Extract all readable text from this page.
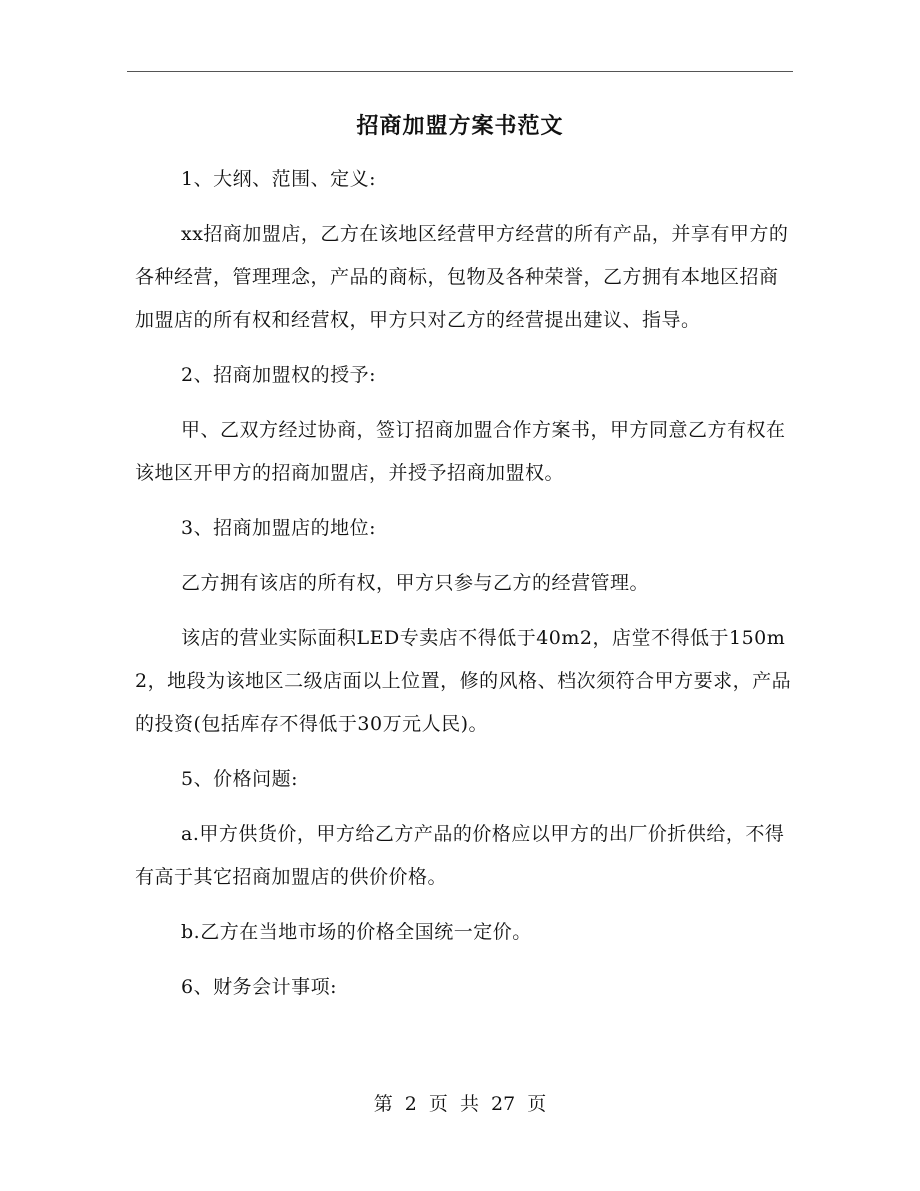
招商加盟方案书范文

1、大纲、范围、定义:

xx招商加盟店，乙方在该地区经营甲方经营的所有产品，并享有甲方的各种经营，管理理念，产品的商标，包物及各种荣誉，乙方拥有本地区招商加盟店的所有权和经营权，甲方只对乙方的经营提出建议、指导。

2、招商加盟权的授予:

甲、乙双方经过协商，签订招商加盟合作方案书，甲方同意乙方有权在该地区开甲方的招商加盟店，并授予招商加盟权。

3、招商加盟店的地位:

乙方拥有该店的所有权，甲方只参与乙方的经营管理。

该店的营业实际面积LED专卖店不得低于40m2，店堂不得低于150m2，地段为该地区二级店面以上位置，修的风格、档次须符合甲方要求，产品的投资(包括库存不得低于30万元人民)。

5、价格问题:

a.甲方供货价，甲方给乙方产品的价格应以甲方的出厂价折供给，不得有高于其它招商加盟店的供价价格。

b.乙方在当地市场的价格全国统一定价。

6、财务会计事项:

第 2 页 共 27 页
